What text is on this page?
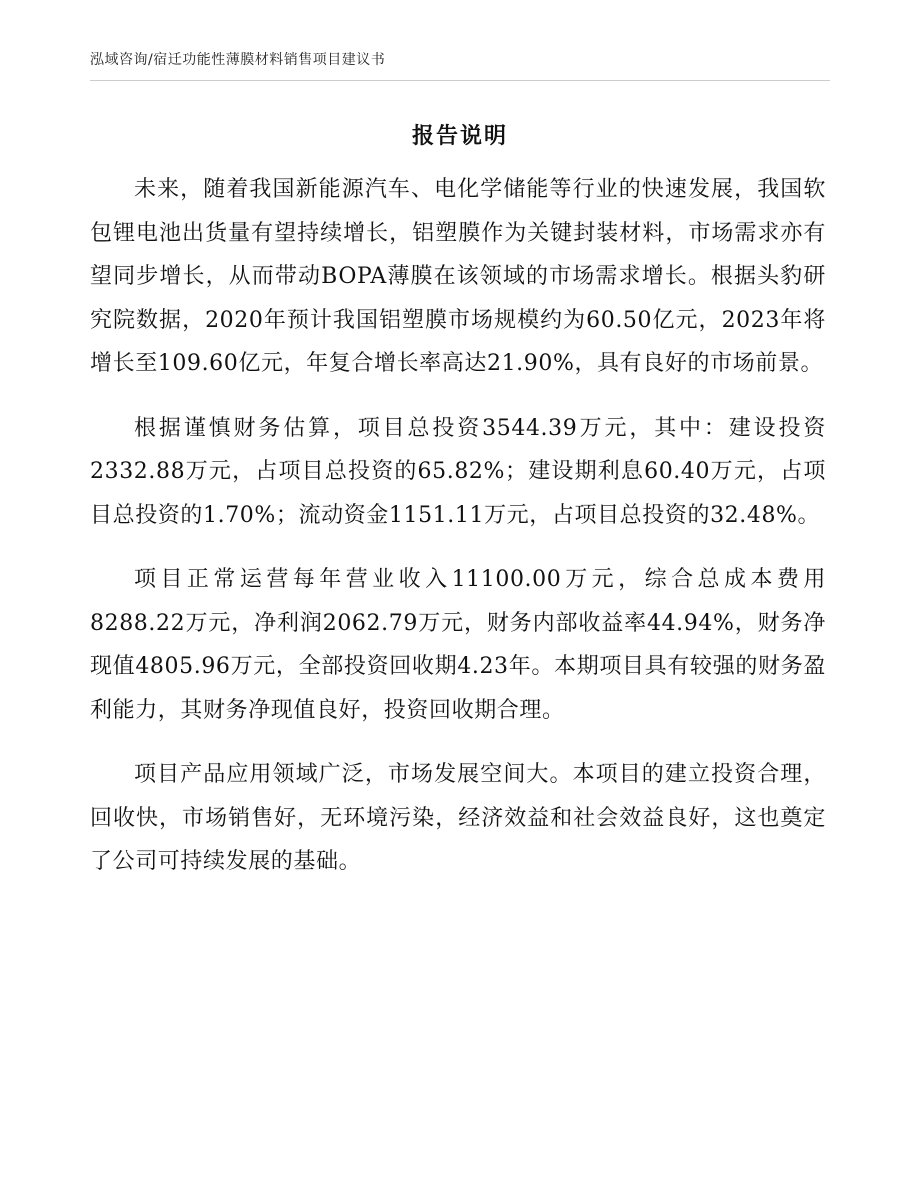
泓域咨询/宿迁功能性薄膜材料销售项目建议书
报告说明

未来，随着我国新能源汽车、电化学储能等行业的快速发展，我国软包锂电池出货量有望持续增长，铝塑膜作为关键封装材料，市场需求亦有望同步增长，从而带动BOPA薄膜在该领域的市场需求增长。根据头豹研究院数据，2020年预计我国铝塑膜市场规模约为60.50亿元，2023年将增长至109.60亿元，年复合增长率高达21.90%，具有良好的市场前景。

根据谨慎财务估算，项目总投资3544.39万元，其中：建设投资2332.88万元，占项目总投资的65.82%；建设期利息60.40万元，占项目总投资的1.70%；流动资金1151.11万元，占项目总投资的32.48%。

项目正常运营每年营业收入11100.00万元，综合总成本费用8288.22万元，净利润2062.79万元，财务内部收益率44.94%，财务净现值4805.96万元，全部投资回收期4.23年。本期项目具有较强的财务盈利能力，其财务净现值良好，投资回收期合理。

项目产品应用领域广泛，市场发展空间大。本项目的建立投资合理，回收快，市场销售好，无环境污染，经济效益和社会效益良好，这也奠定了公司可持续发展的基础。
